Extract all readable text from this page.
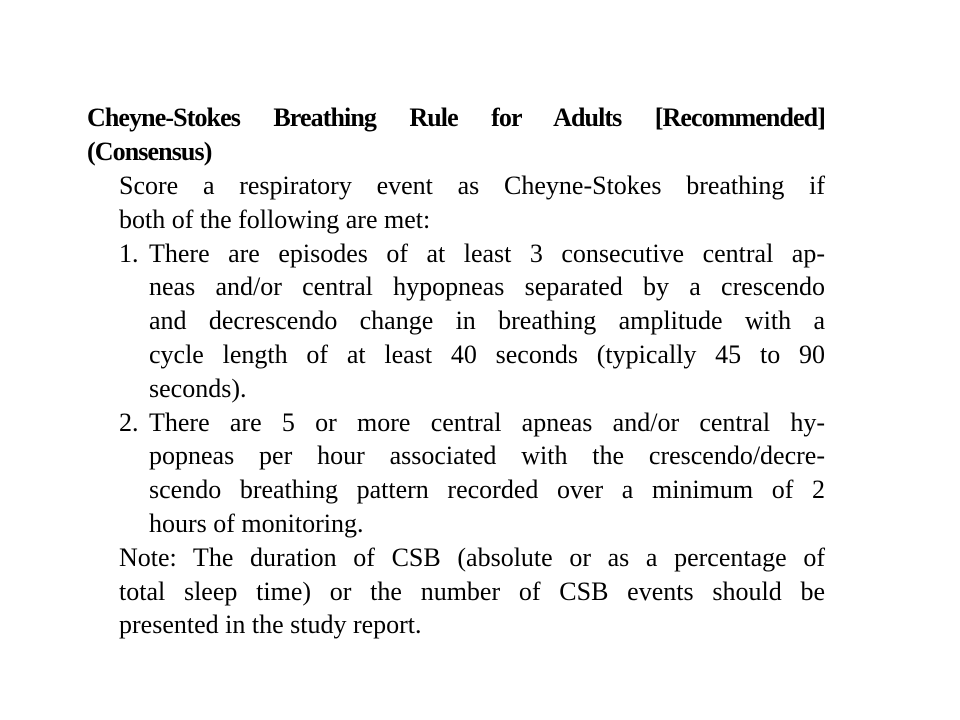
Cheyne-Stokes Breathing Rule for Adults [Recommended]
(Consensus)
Score a respiratory event as Cheyne-Stokes breathing if
both of the following are met:
1. There are episodes of at least 3 consecutive central ap-
neas and/or central hypopneas separated by a crescendo
and decrescendo change in breathing amplitude with a
cycle length of at least 40 seconds (typically 45 to 90
seconds).
2. There are 5 or more central apneas and/or central hy-
popneas per hour associated with the crescendo/decre-
scendo breathing pattern recorded over a minimum of 2
hours of monitoring.
Note: The duration of CSB (absolute or as a percentage of
total sleep time) or the number of CSB events should be
presented in the study report.
